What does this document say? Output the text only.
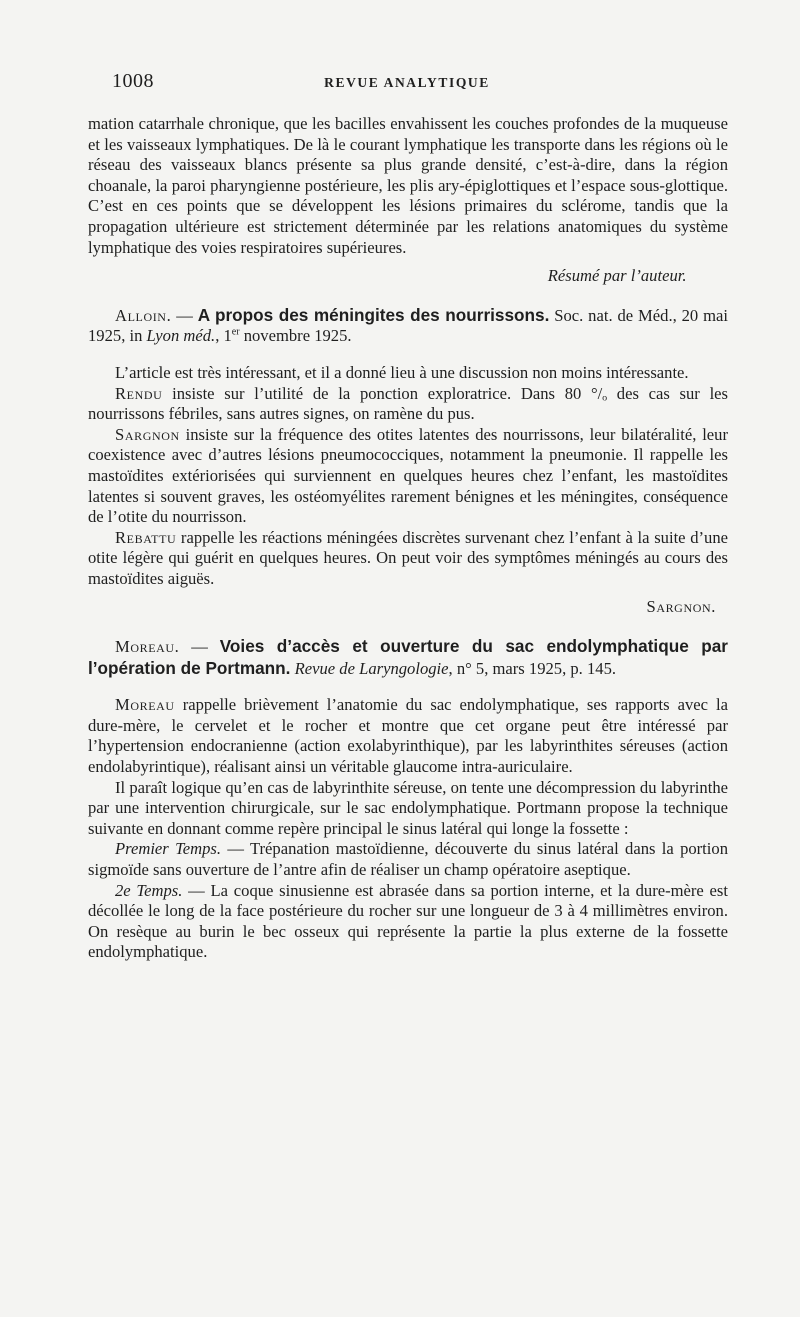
1008	REVUE ANALYTIQUE

mation catarrhale chronique, que les bacilles envahissent les couches profondes de la muqueuse et les vaisseaux lymphatiques. De là le courant lymphatique les transporte dans les régions où le réseau des vaisseaux blancs présente sa plus grande densité, c’est-à-dire, dans la région choanale, la paroi pharyngienne postérieure, les plis ary-épiglottiques et l’espace sous-glottique. C’est en ces points que se développent les lésions primaires du sclérome, tandis que la propagation ultérieure est strictement déterminée par les relations anatomiques du système lymphatique des voies respiratoires supérieures.

Résumé par l’auteur.

Alloin. — A propos des méningites des nourrissons. Soc. nat. de Méd., 20 mai 1925, in Lyon méd., 1er novembre 1925.

L’article est très intéressant, et il a donné lieu à une discussion non moins intéressante.

Rendu insiste sur l’utilité de la ponction exploratrice. Dans 80 °/ₒ des cas sur les nourrissons fébriles, sans autres signes, on ramène du pus.

Sargnon insiste sur la fréquence des otites latentes des nourrissons, leur bilatéralité, leur coexistence avec d’autres lésions pneumococciques, notamment la pneumonie. Il rappelle les mastoïdites extériorisées qui surviennent en quelques heures chez l’enfant, les mastoïdites latentes si souvent graves, les ostéomyélites rarement bénignes et les méningites, conséquence de l’otite du nourrisson.

Rebattu rappelle les réactions méningées discrètes survenant chez l’enfant à la suite d’une otite légère qui guérit en quelques heures. On peut voir des symptômes méningés au cours des mastoïdites aiguës.

Sargnon.

Moreau. — Voies d’accès et ouverture du sac endolymphatique par l’opération de Portmann. Revue de Laryngologie, n° 5, mars 1925, p. 145.

Moreau rappelle brièvement l’anatomie du sac endolymphatique, ses rapports avec la dure-mère, le cervelet et le rocher et montre que cet organe peut être intéressé par l’hypertension endocranienne (action exolabyrinthique), par les labyrinthites séreuses (action endolabyrintique), réalisant ainsi un véritable glaucome intra-auriculaire.

Il paraît logique qu’en cas de labyrinthite séreuse, on tente une décompression du labyrinthe par une intervention chirurgicale, sur le sac endolymphatique. Portmann propose la technique suivante en donnant comme repère principal le sinus latéral qui longe la fossette :

Premier Temps. — Trépanation mastoïdienne, découverte du sinus latéral dans la portion sigmoïde sans ouverture de l’antre afin de réaliser un champ opératoire aseptique.

2e Temps. — La coque sinusienne est abrasée dans sa portion interne, et la dure-mère est décollée le long de la face postérieure du rocher sur une longueur de 3 à 4 millimètres environ. On resèque au burin le bec osseux qui représente la partie la plus externe de la fossette endolymphatique.
